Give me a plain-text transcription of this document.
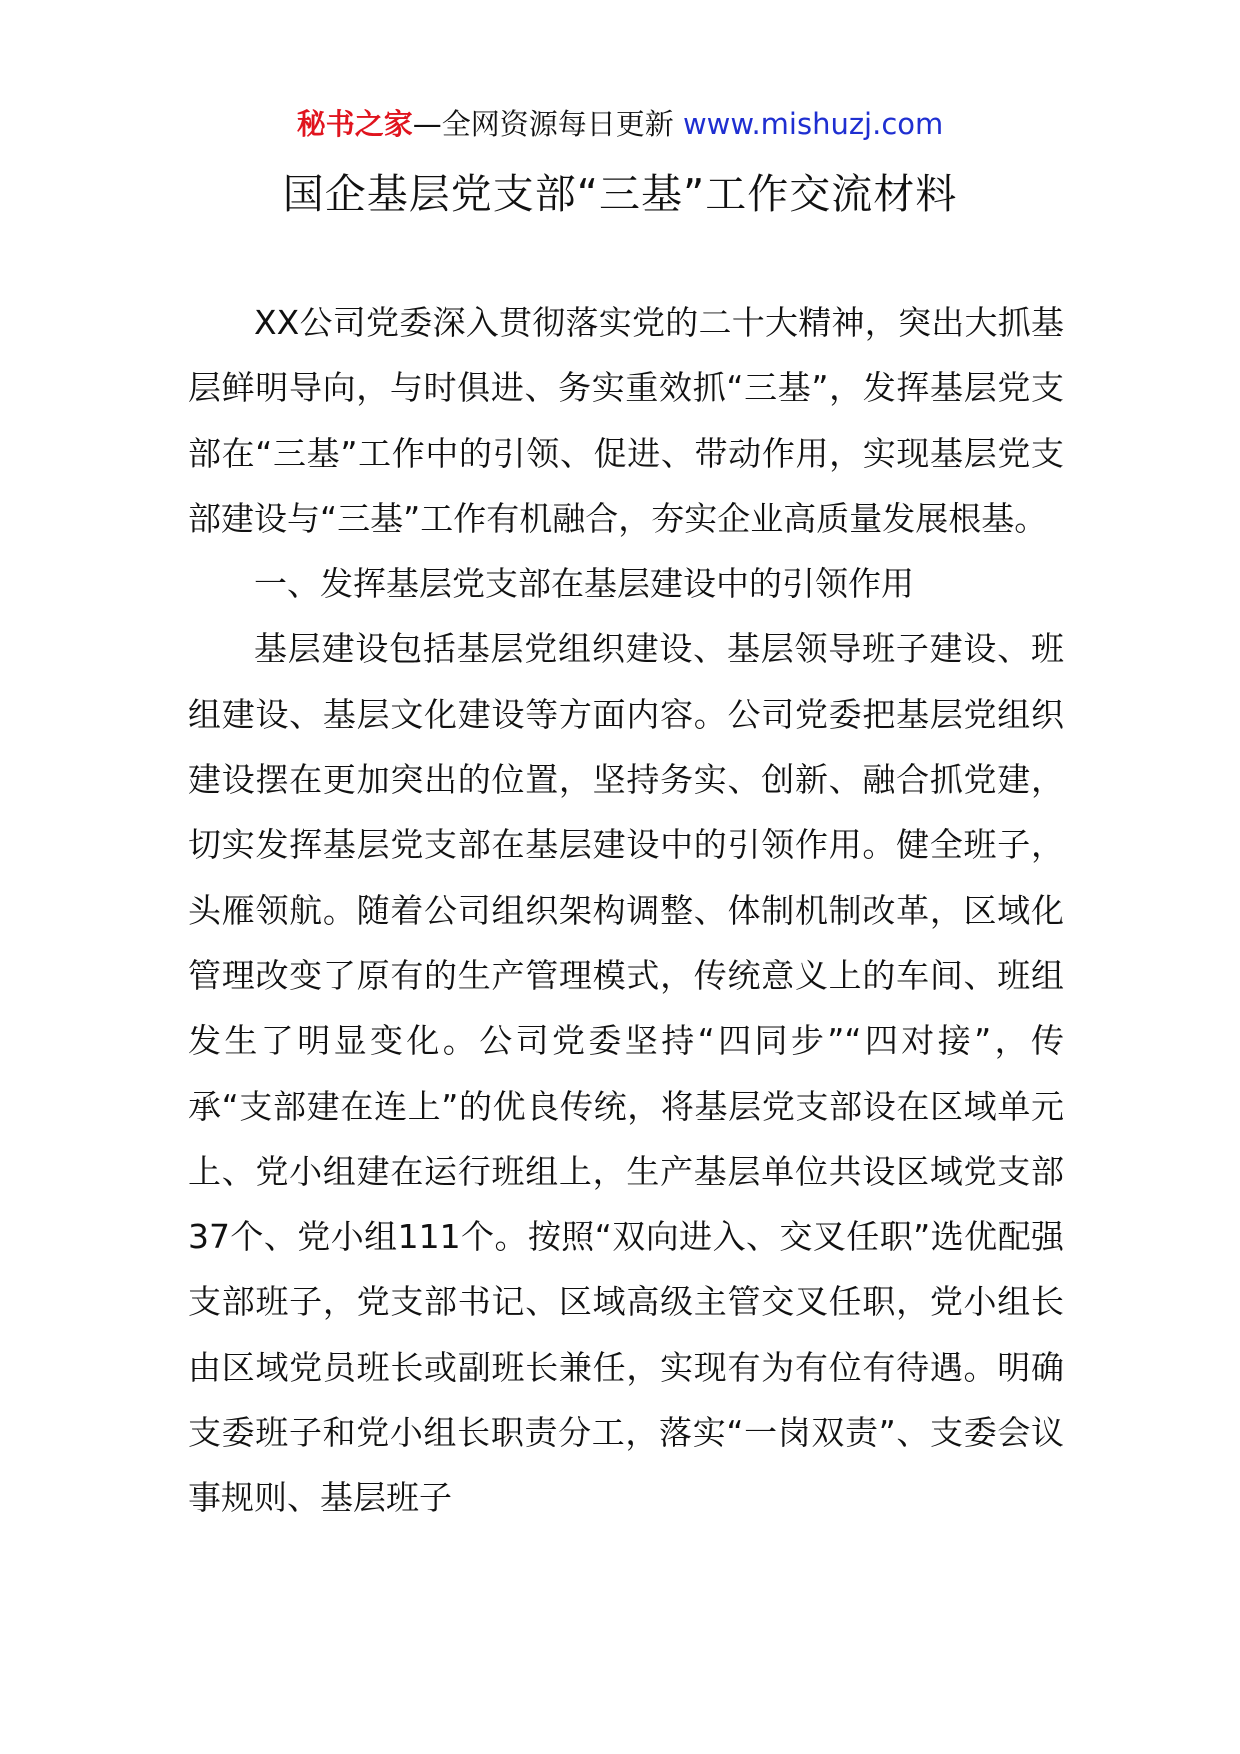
秘书之家—全网资源每日更新 www.mishuzj.com
国企基层党支部“三基”工作交流材料

XX公司党委深入贯彻落实党的二十大精神，突出大抓基层鲜明导向，与时俱进、务实重效抓“三基”，发挥基层党支部在“三基”工作中的引领、促进、带动作用，实现基层党支部建设与“三基”工作有机融合，夯实企业高质量发展根基。

一、发挥基层党支部在基层建设中的引领作用

基层建设包括基层党组织建设、基层领导班子建设、班组建设、基层文化建设等方面内容。公司党委把基层党组织建设摆在更加突出的位置，坚持务实、创新、融合抓党建，切实发挥基层党支部在基层建设中的引领作用。健全班子，头雁领航。随着公司组织架构调整、体制机制改革，区域化管理改变了原有的生产管理模式，传统意义上的车间、班组发生了明显变化。公司党委坚持“四同步”“四对接”，传承“支部建在连上”的优良传统，将基层党支部设在区域单元上、党小组建在运行班组上，生产基层单位共设区域党支部37个、党小组111个。按照“双向进入、交叉任职”选优配强支部班子，党支部书记、区域高级主管交叉任职，党小组长由区域党员班长或副班长兼任，实现有为有位有待遇。明确支委班子和党小组长职责分工，落实“一岗双责”、支委会议事规则、基层班子
